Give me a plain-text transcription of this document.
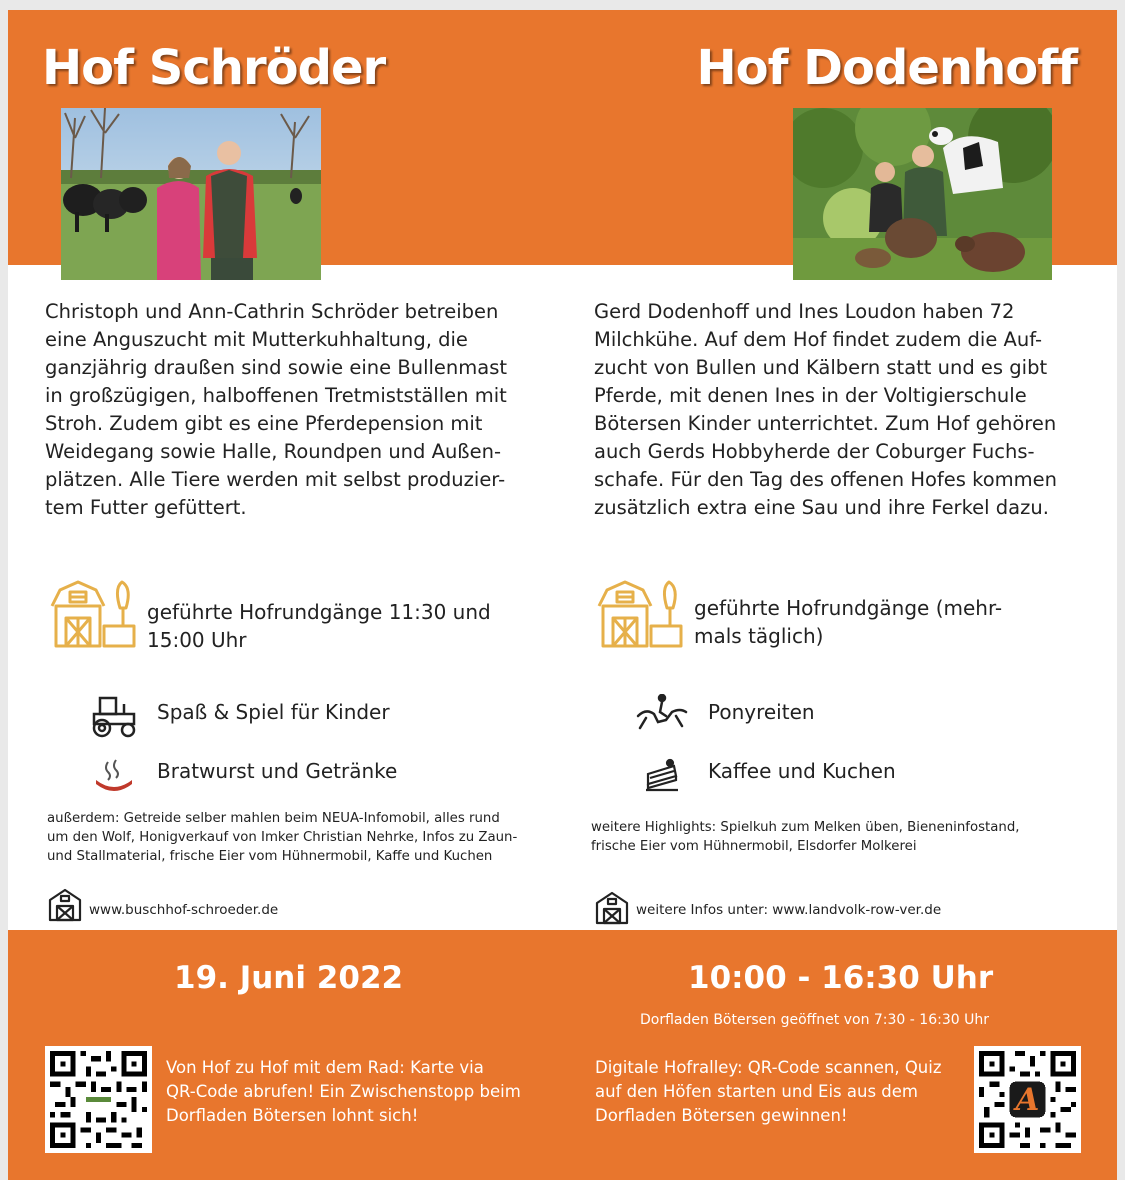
Hof Schröder	Hof Dodenhoff

Christoph und Ann-Cathrin Schröder betreiben

eine Anguszucht mit Mutterkuhhaltung, die

ganzjährig draußen sind sowie eine Bullenmast

in großzügigen, halboffenen Tretmistställen mit

Stroh. Zudem gibt es eine Pferdepension mit

Weidegang sowie Halle, Roundpen und Außen-

plätzen. Alle Tiere werden mit selbst produzier-

tem Futter gefüttert.

Gerd Dodenhoff und Ines Loudon haben 72

Milchkühe. Auf dem Hof findet zudem die Auf-

zucht von Bullen und Kälbern statt und es gibt

Pferde, mit denen Ines in der Voltigierschule

Bötersen Kinder unterrichtet. Zum Hof gehören

auch Gerds Hobbyherde der Coburger Fuchs-

schafe. Für den Tag des offenen Hofes kommen

zusätzlich extra eine Sau und ihre Ferkel dazu.

geführte Hofrundgänge 11:30 und

15:00 Uhr

geführte Hofrundgänge (mehr-

mals täglich)

Spaß & Spiel für Kinder	Ponyreiten

Bratwurst und Getränke	Kaffee und Kuchen

außerdem: Getreide selber mahlen beim NEUA-Infomobil, alles rund

um den Wolf, Honigverkauf von Imker Christian Nehrke, Infos zu Zaun-

und Stallmaterial, frische Eier vom Hühnermobil, Kaffe und Kuchen

weitere Highlights: Spielkuh zum Melken üben, Bieneninfostand,

frische Eier vom Hühnermobil, Elsdorfer Molkerei

www.buschhof-schroeder.de	weitere Infos unter: www.landvolk-row-ver.de
19. Juni 2022	10:00 - 16:30 Uhr
Dorfladen Bötersen geöffnet von 7:30 - 16:30 Uhr

Von Hof zu Hof mit dem Rad: Karte via

QR-Code abrufen! Ein Zwischenstopp beim

Dorfladen Bötersen lohnt sich!

Digitale Hofralley: QR-Code scannen, Quiz

auf den Höfen starten und Eis aus dem

Dorfladen Bötersen gewinnen!	A
